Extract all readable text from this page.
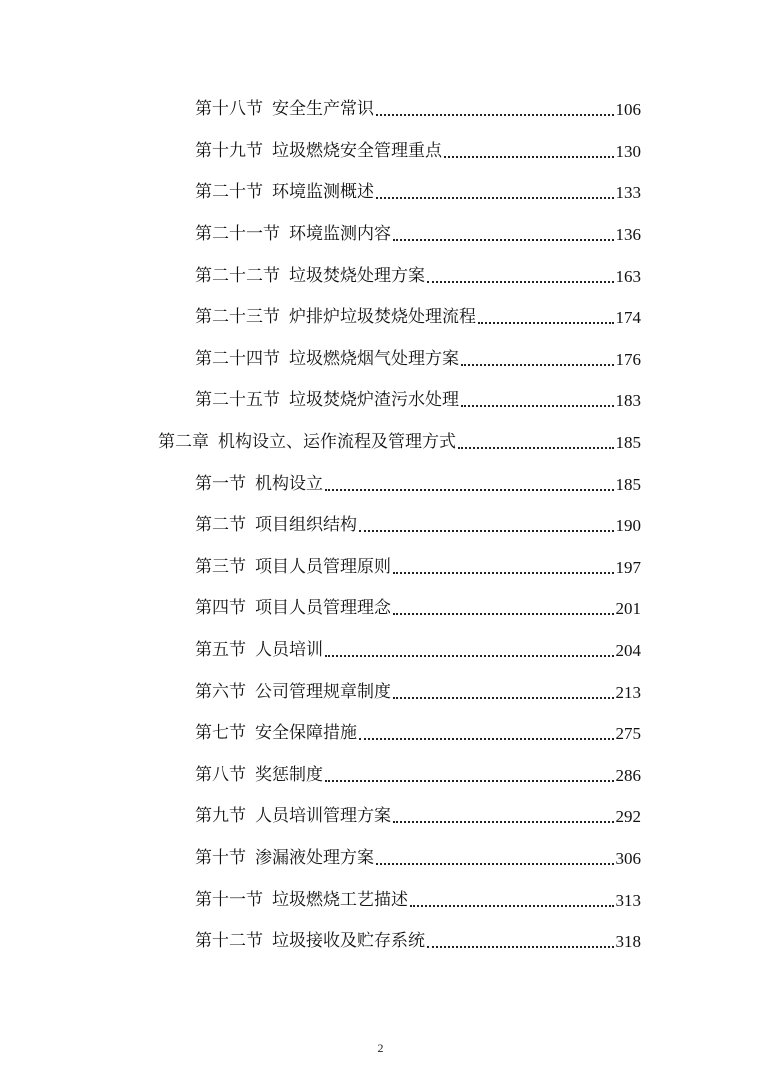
第十八节 安全生产常识	106
第十九节 垃圾燃烧安全管理重点	130
第二十节 环境监测概述	133
第二十一节 环境监测内容	136
第二十二节 垃圾焚烧处理方案	163
第二十三节 炉排炉垃圾焚烧处理流程	174
第二十四节 垃圾燃烧烟气处理方案	176
第二十五节 垃圾焚烧炉渣污水处理	183
第二章 机构设立、运作流程及管理方式	185
第一节 机构设立	185
第二节 项目组织结构	190
第三节 项目人员管理原则	197
第四节 项目人员管理理念	201
第五节 人员培训	204
第六节 公司管理规章制度	213
第七节 安全保障措施	275
第八节 奖惩制度	286
第九节 人员培训管理方案	292
第十节 渗漏液处理方案	306
第十一节 垃圾燃烧工艺描述	313
第十二节 垃圾接收及贮存系统	318
2
